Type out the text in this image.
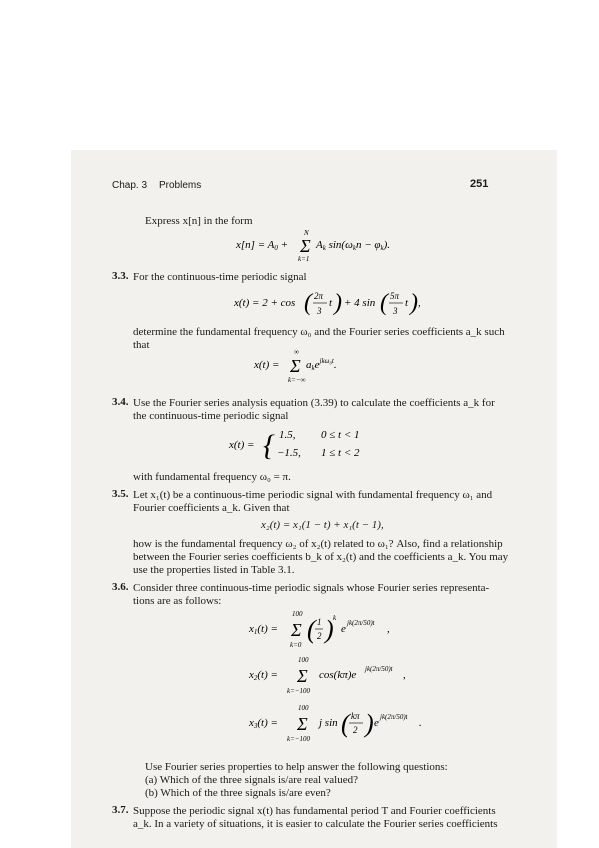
Chap. 3 Problems	251
Express x[n] in the form
x[n] = A0 + Σ
N
k=1
Ak sin(ωkn − φk).
3.3. For the continuous-time periodic signal
x(t) = 2 + cos ( 2π
3
t ) + 4 sin ( 5π
3
t ) ,
determine the fundamental frequency ω₀ and the Fourier series coefficients a_k such
that
x(t) = Σ
∞
k=−∞
ake$^{jk\omega_0t}$.
3.4. Use the Fourier series analysis equation (3.39) to calculate the coefficients a_k for
the continuous-time periodic signal
x(t) = { 1.5, 0 ≤ t < 1
−1.5, 1 ≤ t < 2
with fundamental frequency ω₀ = π.
3.5. Let x₁(t) be a continuous-time periodic signal with fundamental frequency ω₁ and
Fourier coefficients a_k. Given that
x₂(t) = x₁(1 − t) + x₁(t − 1),
how is the fundamental frequency ω₂ of x₂(t) related to ω₁? Also, find a relationship
between the Fourier series coefficients b_k of x₂(t) and the coefficients a_k. You may
use the properties listed in Table 3.1.
3.6. Consider three continuous-time periodic signals whose Fourier series representa-
tions are as follows:
x1(t) = Σ
100
k=0
( 1
2 ) k
e jk(2π/50)t ,
x2(t) = Σ
100
k=−100
cos(kπ)e jk(2π/50)t ,
x3(t) = Σ
100
k=−100
j sin ( kπ
2 ) e jk(2π/50)t .
Use Fourier series properties to help answer the following questions:
(a) Which of the three signals is/are real valued?
(b) Which of the three signals is/are even?
3.7. Suppose the periodic signal x(t) has fundamental period T and Fourier coefficients
a_k. In a variety of situations, it is easier to calculate the Fourier series coefficients
